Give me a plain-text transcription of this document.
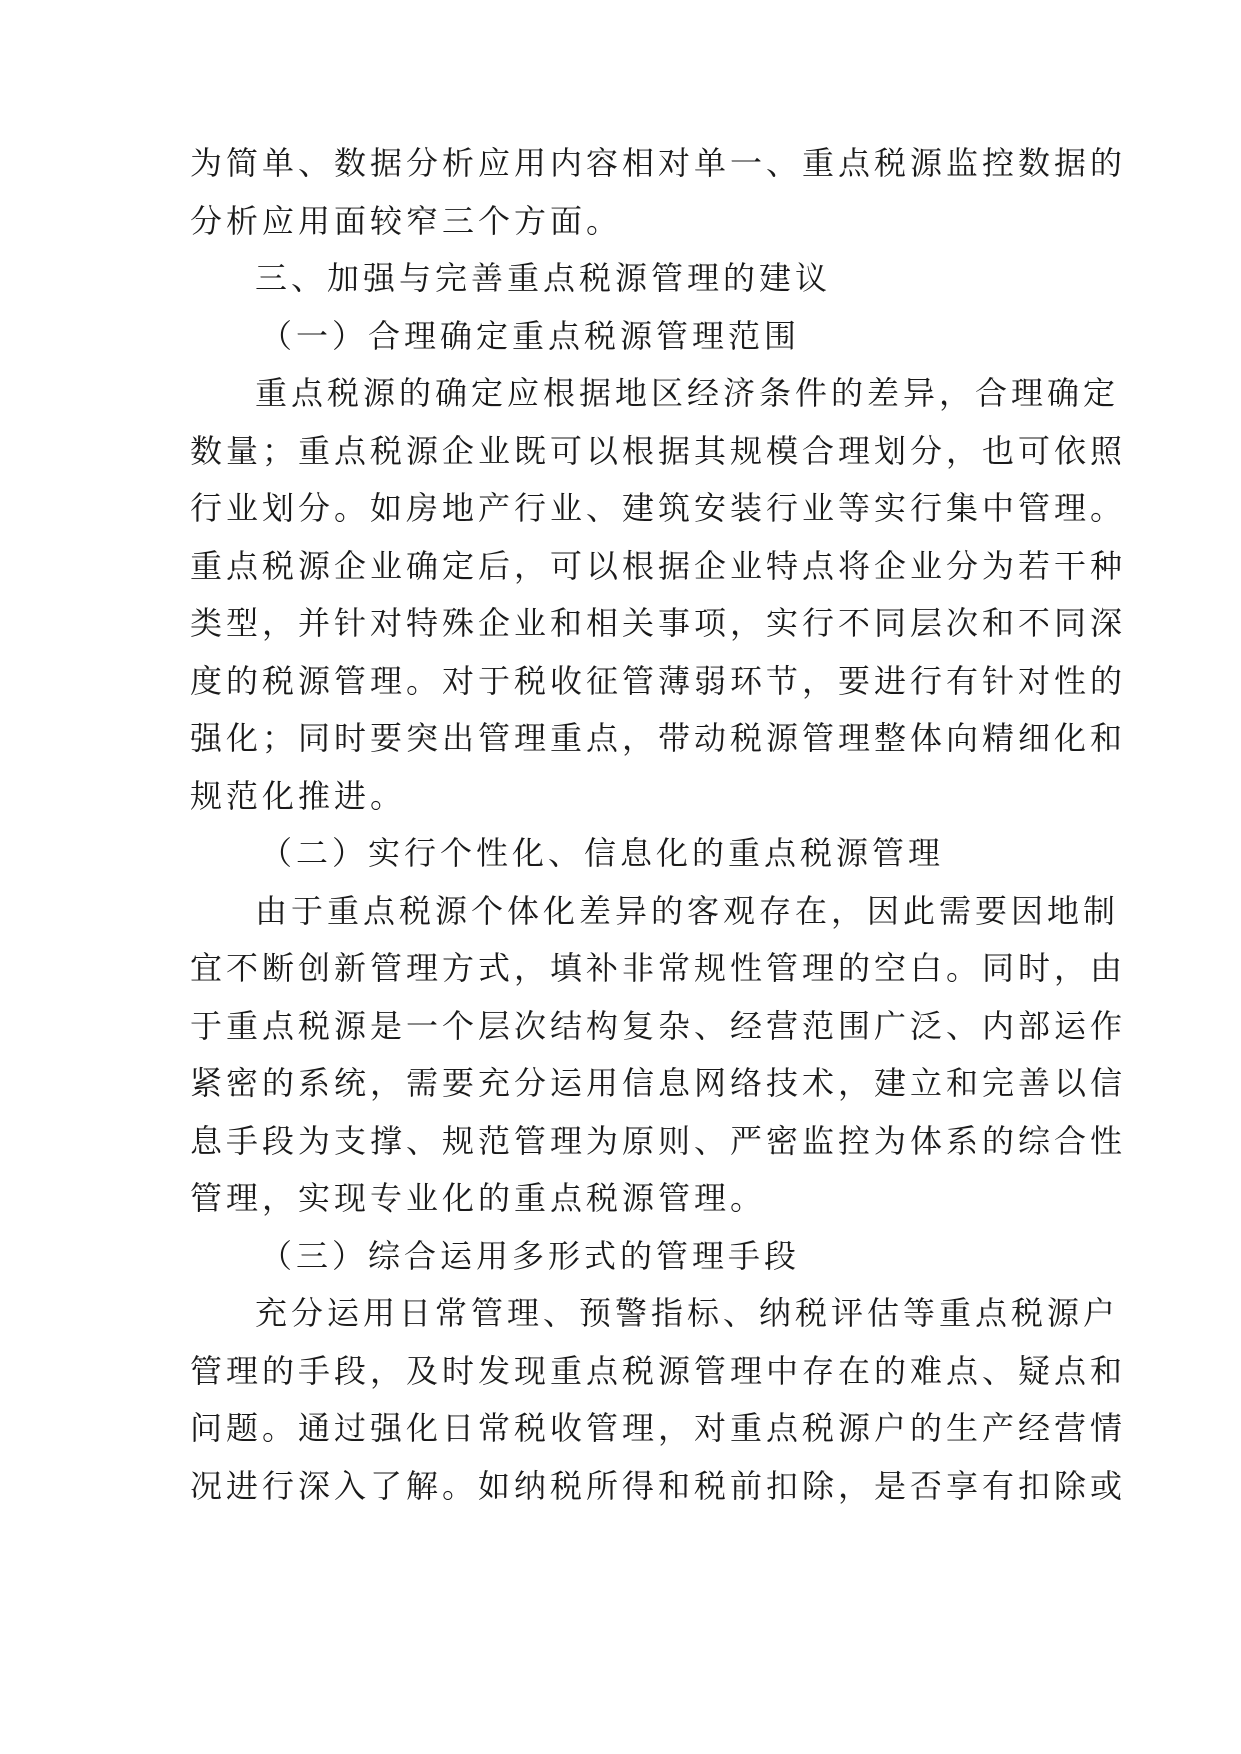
为简单、数据分析应用内容相对单一、重点税源监控数据的
分析应用面较窄三个方面。
三、加强与完善重点税源管理的建议
（一）合理确定重点税源管理范围
重点税源的确定应根据地区经济条件的差异，合理确定
数量；重点税源企业既可以根据其规模合理划分，也可依照
行业划分。如房地产行业、建筑安装行业等实行集中管理。
重点税源企业确定后，可以根据企业特点将企业分为若干种
类型，并针对特殊企业和相关事项，实行不同层次和不同深
度的税源管理。对于税收征管薄弱环节，要进行有针对性的
强化；同时要突出管理重点，带动税源管理整体向精细化和
规范化推进。
（二）实行个性化、信息化的重点税源管理
由于重点税源个体化差异的客观存在，因此需要因地制
宜不断创新管理方式，填补非常规性管理的空白。同时，由
于重点税源是一个层次结构复杂、经营范围广泛、内部运作
紧密的系统，需要充分运用信息网络技术，建立和完善以信
息手段为支撑、规范管理为原则、严密监控为体系的综合性
管理，实现专业化的重点税源管理。
（三）综合运用多形式的管理手段
充分运用日常管理、预警指标、纳税评估等重点税源户
管理的手段，及时发现重点税源管理中存在的难点、疑点和
问题。通过强化日常税收管理，对重点税源户的生产经营情
况进行深入了解。如纳税所得和税前扣除，是否享有扣除或
